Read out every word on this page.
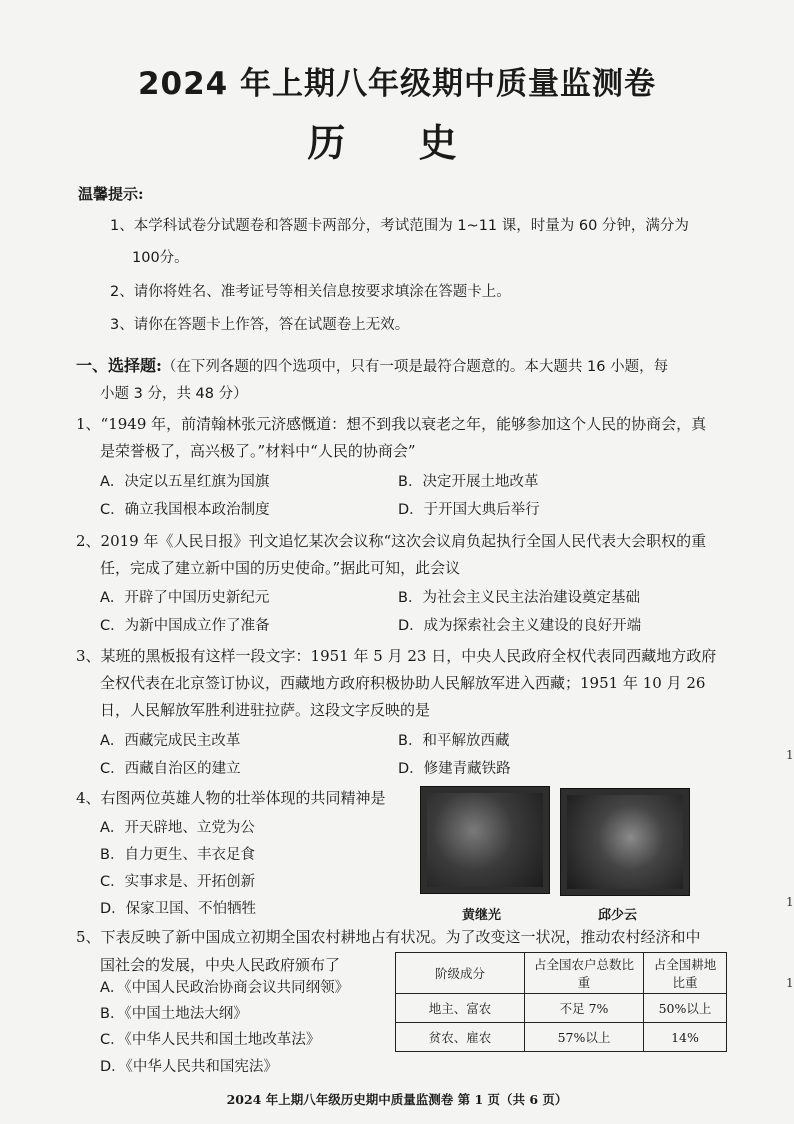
2024 年上期八年级期中质量监测卷
历 史
温馨提示:
1、本学科试卷分试题卷和答题卡两部分，考试范围为 1~11 课，时量为 60 分钟，满分为
100分。
2、请你将姓名、准考证号等相关信息按要求填涂在答题卡上。
3、请你在答题卡上作答，答在试题卷上无效。
一、选择题:（在下列各题的四个选项中，只有一项是最符合题意的。本大题共 16 小题，每
小题 3 分，共 48 分）
1、“1949 年，前清翰林张元济感慨道：想不到我以衰老之年，能够参加这个人民的协商会，真
是荣誉极了，高兴极了。”材料中“人民的协商会”
A．决定以五星红旗为国旗	B．决定开展土地改革
C．确立我国根本政治制度	D．于开国大典后举行
2、2019 年《人民日报》刊文追忆某次会议称“这次会议肩负起执行全国人民代表大会职权的重
任，完成了建立新中国的历史使命。”据此可知，此会议
A．开辟了中国历史新纪元	B．为社会主义民主法治建设奠定基础
C．为新中国成立作了准备	D．成为探索社会主义建设的良好开端
3、某班的黑板报有这样一段文字：1951 年 5 月 23 日，中央人民政府全权代表同西藏地方政府
全权代表在北京签订协议，西藏地方政府积极协助人民解放军进入西藏；1951 年 10 月 26
日，人民解放军胜利进驻拉萨。这段文字反映的是
A．西藏完成民主改革	B．和平解放西藏
C．西藏自治区的建立	D．修建青藏铁路
4、右图两位英雄人物的壮举体现的共同精神是
A．开天辟地、立党为公
B．自力更生、丰衣足食
C．实事求是、开拓创新
D．保家卫国、不怕牺牲	黄继光	邱少云
5、下表反映了新中国成立初期全国农村耕地占有状况。为了改变这一状况，推动农村经济和中
国社会的发展，中央人民政府颁布了
A．《中国人民政治协商会议共同纲领》
B．《中国土地法大纲》
C．《中华人民共和国土地改革法》
D．《中华人民共和国宪法》
阶级成分	占全国农户总数比重	占全国耕地比重
地主、富农	不足 7%	50%以上
贫农、雇农	57%以上	14%
2024 年上期八年级历史期中质量监测卷 第 1 页（共 6 页）
1
1
1
